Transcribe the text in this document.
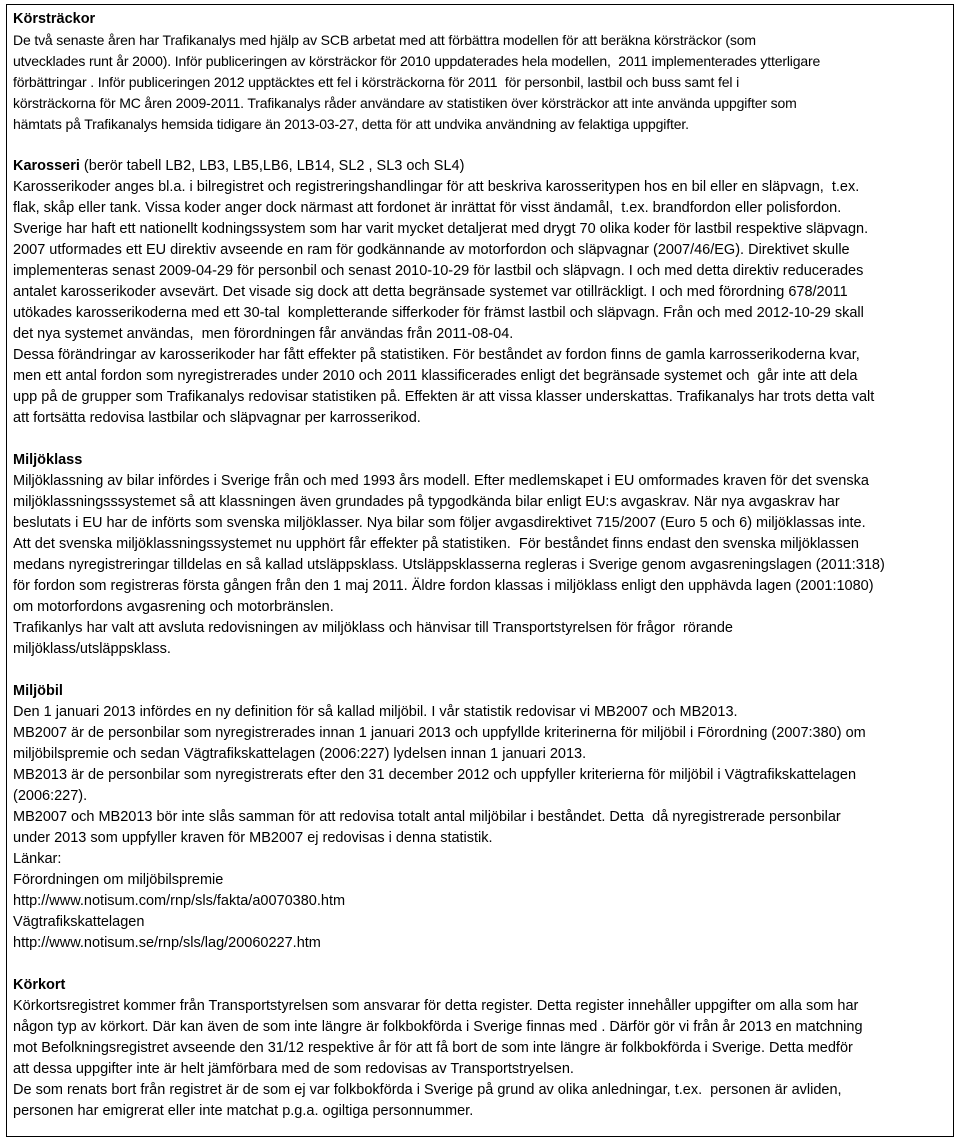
Körsträckor
De två senaste åren har Trafikanalys med hjälp av SCB arbetat med att förbättra modellen för att beräkna körsträckor (som
utvecklades runt år 2000). Inför publiceringen av körsträckor för 2010 uppdaterades hela modellen,  2011 implementerades ytterligare
förbättringar . Inför publiceringen 2012 upptäcktes ett fel i körsträckorna för 2011  för personbil, lastbil och buss samt fel i
körsträckorna för MC åren 2009-2011. Trafikanalys råder användare av statistiken över körsträckor att inte använda uppgifter som
hämtats på Trafikanalys hemsida tidigare än 2013-03-27, detta för att undvika användning av felaktiga uppgifter.
Karosseri (berör tabell LB2, LB3, LB5,LB6, LB14, SL2 , SL3 och SL4)
Karosserikoder anges bl.a. i bilregistret och registreringshandlingar för att beskriva karosseritypen hos en bil eller en släpvagn,  t.ex.
flak, skåp eller tank. Vissa koder anger dock närmast att fordonet är inrättat för visst ändamål,  t.ex. brandfordon eller polisfordon.
Sverige har haft ett nationellt kodningssystem som har varit mycket detaljerat med drygt 70 olika koder för lastbil respektive släpvagn.
2007 utformades ett EU direktiv avseende en ram för godkännande av motorfordon och släpvagnar (2007/46/EG). Direktivet skulle
implementeras senast 2009-04-29 för personbil och senast 2010-10-29 för lastbil och släpvagn. I och med detta direktiv reducerades
antalet karosserikoder avsevärt. Det visade sig dock att detta begränsade systemet var otillräckligt. I och med förordning 678/2011
utökades karosserikoderna med ett 30-tal  kompletterande sifferkoder för främst lastbil och släpvagn. Från och med 2012-10-29 skall
det nya systemet användas,  men förordningen får användas från 2011-08-04.
Dessa förändringar av karosserikoder har fått effekter på statistiken. För beståndet av fordon finns de gamla karrosserikoderna kvar,
men ett antal fordon som nyregistrerades under 2010 och 2011 klassificerades enligt det begränsade systemet och  går inte att dela
upp på de grupper som Trafikanalys redovisar statistiken på. Effekten är att vissa klasser underskattas. Trafikanalys har trots detta valt
att fortsätta redovisa lastbilar och släpvagnar per karrosserikod.
Miljöklass
Miljöklassning av bilar infördes i Sverige från och med 1993 års modell. Efter medlemskapet i EU omformades kraven för det svenska
miljöklassningsssystemet så att klassningen även grundades på typgodkända bilar enligt EU:s avgaskrav. När nya avgaskrav har
beslutats i EU har de införts som svenska miljöklasser. Nya bilar som följer avgasdirektivet 715/2007 (Euro 5 och 6) miljöklassas inte.
Att det svenska miljöklassningssystemet nu upphört får effekter på statistiken.  För beståndet finns endast den svenska miljöklassen
medans nyregistreringar tilldelas en så kallad utsläppsklass. Utsläppsklasserna regleras i Sverige genom avgasreningslagen (2011:318)
för fordon som registreras första gången från den 1 maj 2011. Äldre fordon klassas i miljöklass enligt den upphävda lagen (2001:1080)
om motorfordons avgasrening och motorbränslen.
Trafikanlys har valt att avsluta redovisningen av miljöklass och hänvisar till Transportstyrelsen för frågor  rörande
miljöklass/utsläppsklass.
Miljöbil
Den 1 januari 2013 infördes en ny definition för så kallad miljöbil. I vår statistik redovisar vi MB2007 och MB2013.
MB2007 är de personbilar som nyregistrerades innan 1 januari 2013 och uppfyllde kriterinerna för miljöbil i Förordning (2007:380) om
miljöbilspremie och sedan Vägtrafikskattelagen (2006:227) lydelsen innan 1 januari 2013.
MB2013 är de personbilar som nyregistrerats efter den 31 december 2012 och uppfyller kriterierna för miljöbil i Vägtrafikskattelagen
(2006:227).
MB2007 och MB2013 bör inte slås samman för att redovisa totalt antal miljöbilar i beståndet. Detta  då nyregistrerade personbilar
under 2013 som uppfyller kraven för MB2007 ej redovisas i denna statistik.
Länkar:
Förordningen om miljöbilspremie
http://www.notisum.com/rnp/sls/fakta/a0070380.htm
Vägtrafikskattelagen
http://www.notisum.se/rnp/sls/lag/20060227.htm
Körkort
Körkortsregistret kommer från Transportstyrelsen som ansvarar för detta register. Detta register innehåller uppgifter om alla som har
någon typ av körkort. Där kan även de som inte längre är folkbokförda i Sverige finnas med . Därför gör vi från år 2013 en matchning
mot Befolkningsregistret avseende den 31/12 respektive år för att få bort de som inte längre är folkbokförda i Sverige. Detta medför
att dessa uppgifter inte är helt jämförbara med de som redovisas av Transportstryelsen.
De som renats bort från registret är de som ej var folkbokförda i Sverige på grund av olika anledningar, t.ex.  personen är avliden,
personen har emigrerat eller inte matchat p.g.a. ogiltiga personnummer.
